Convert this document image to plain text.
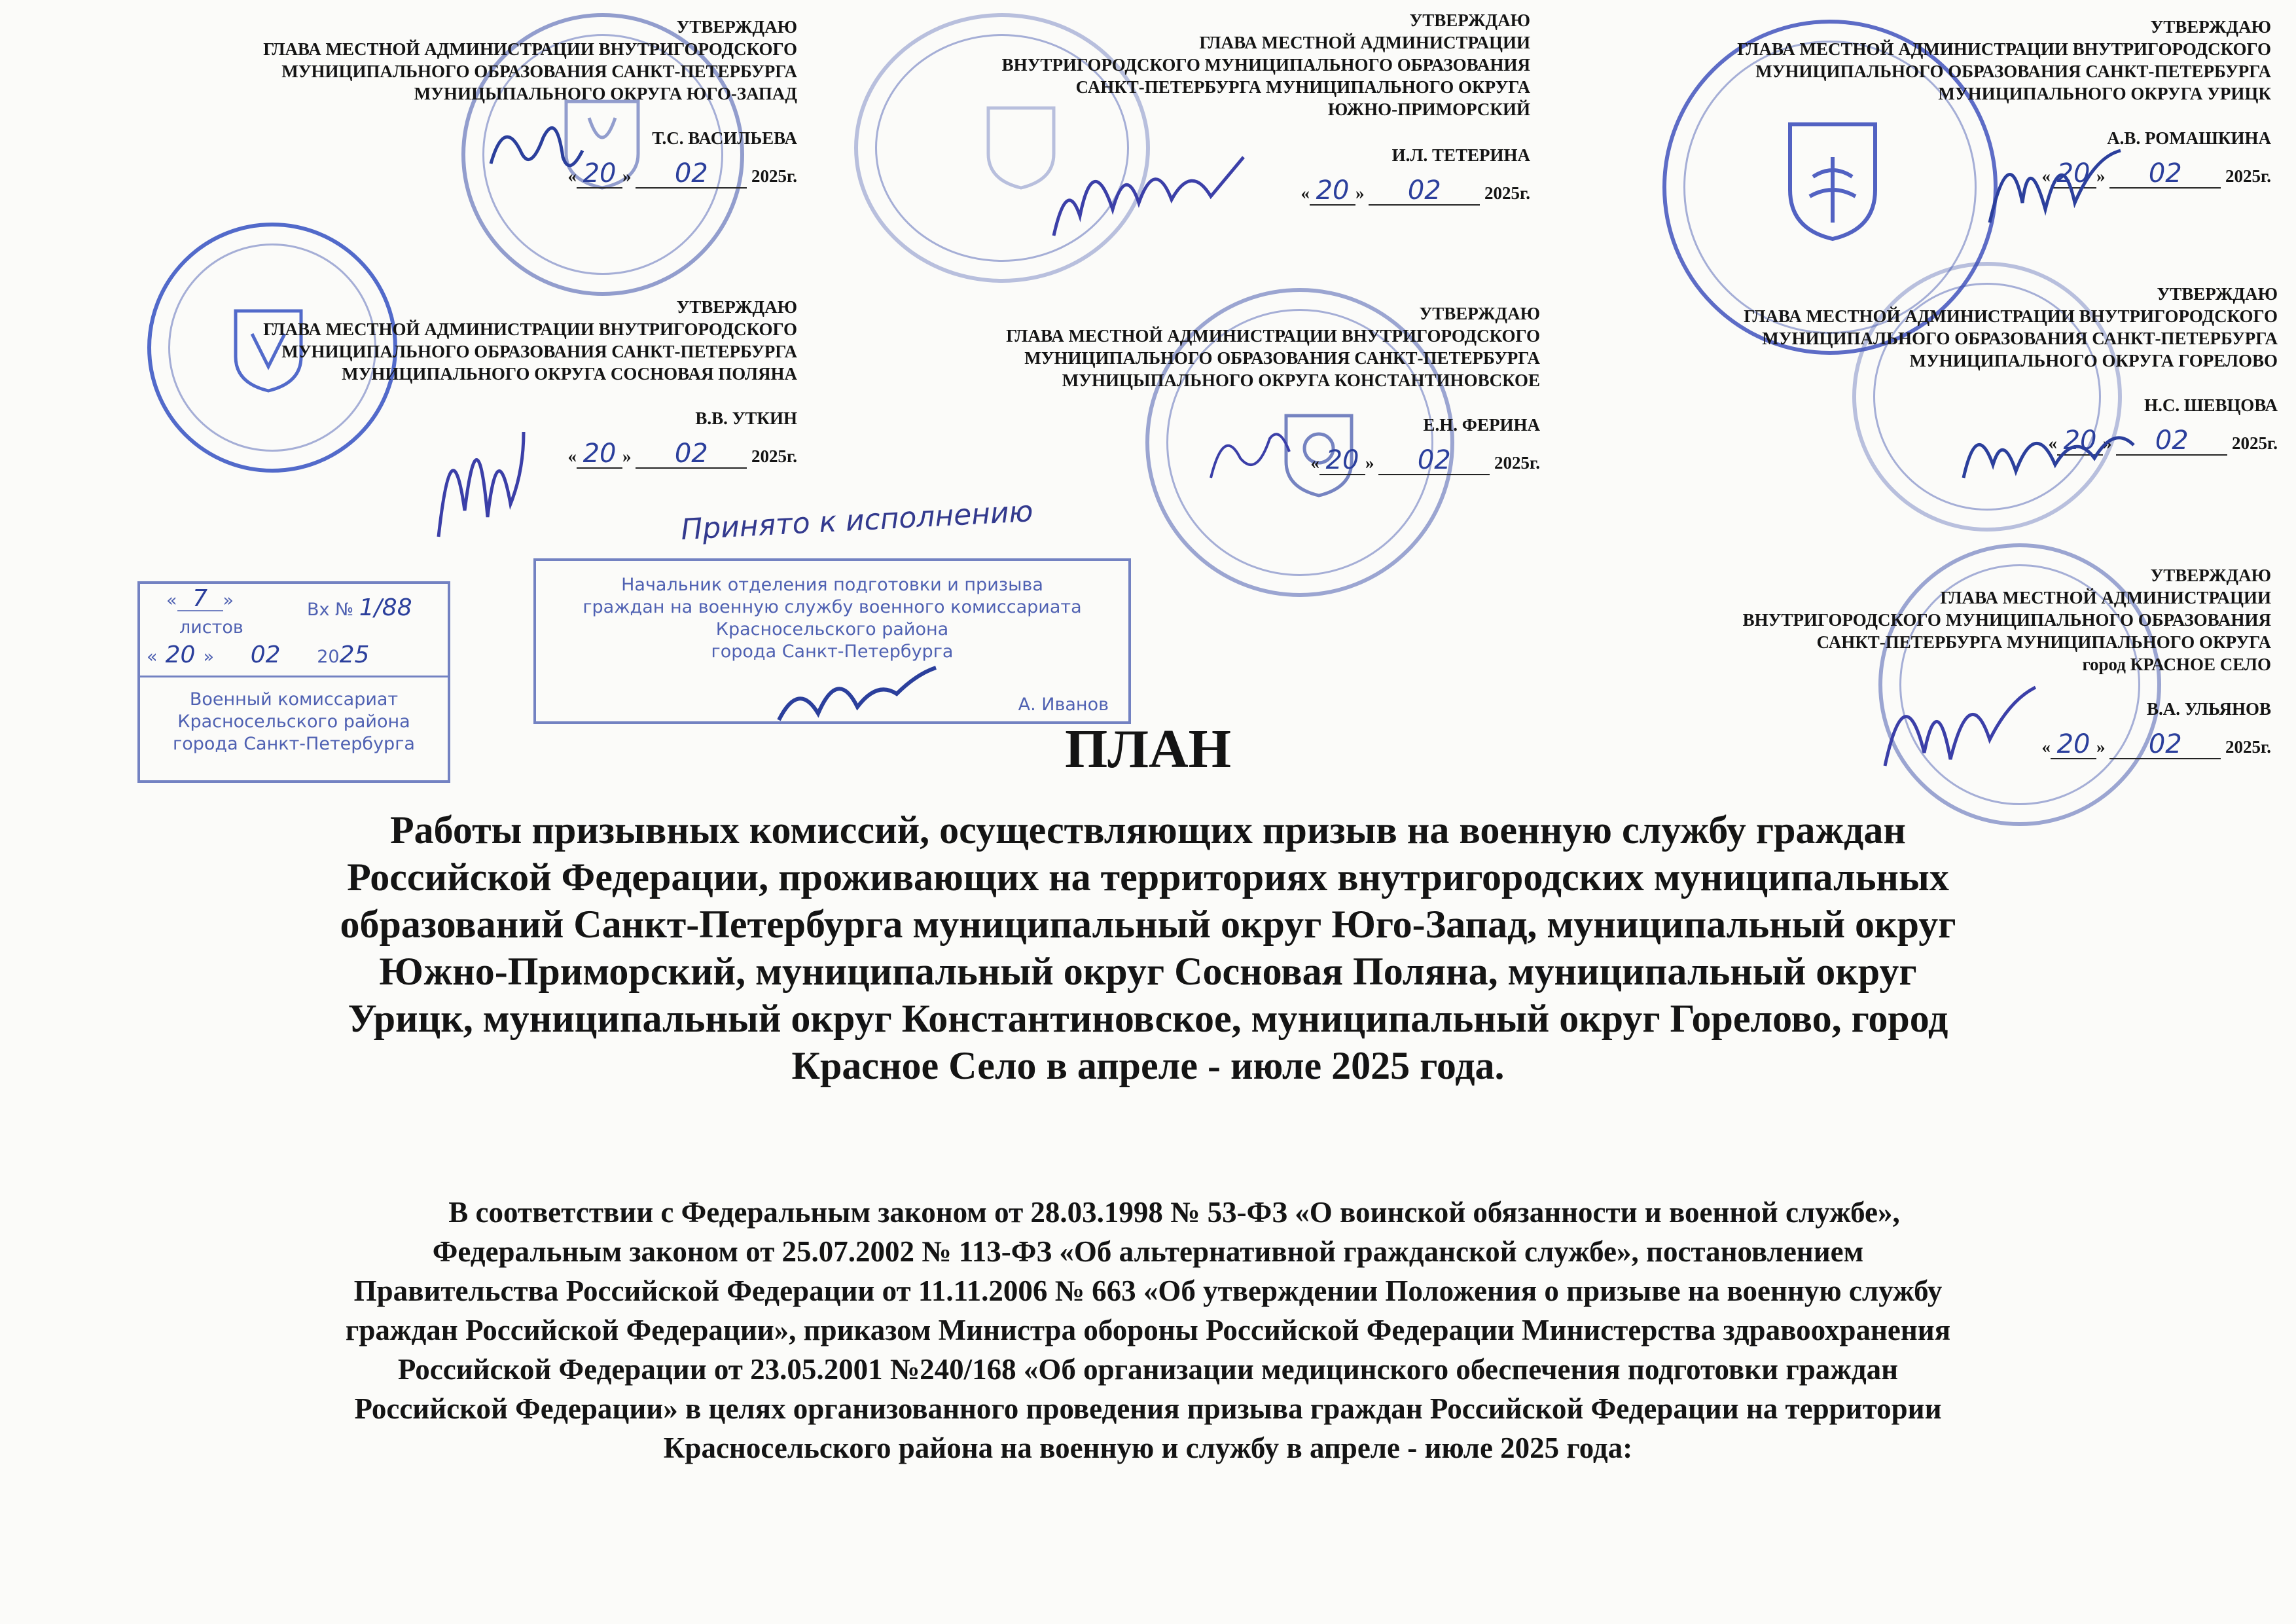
УТВЕРЖДАЮ
ГЛАВА МЕСТНОЙ АДМИНИСТРАЦИИ ВНУТРИГОРОДСКОГО
МУНИЦИПАЛЬНОГО ОБРАЗОВАНИЯ САНКТ-ПЕТЕРБУРГА
МУНИЦЫПАЛЬНОГО ОКРУГА ЮГО-ЗАПАД
Т.С. ВАСИЛЬЕВА
« 20 » 02 2025г.
УТВЕРЖДАЮ
ГЛАВА МЕСТНОЙ АДМИНИСТРАЦИИ
ВНУТРИГОРОДСКОГО МУНИЦИПАЛЬНОГО ОБРАЗОВАНИЯ
САНКТ-ПЕТЕРБУРГА МУНИЦИПАЛЬНОГО ОКРУГА
ЮЖНО-ПРИМОРСКИЙ
И.Л. ТЕТЕРИНА
« 20 » 02 2025г.
УТВЕРЖДАЮ
ГЛАВА МЕСТНОЙ АДМИНИСТРАЦИИ ВНУТРИГОРОДСКОГО
МУНИЦИПАЛЬНОГО ОБРАЗОВАНИЯ САНКТ-ПЕТЕРБУРГА
МУНИЦИПАЛЬНОГО ОКРУГА УРИЦК
А.В. РОМАШКИНА
« 20 » 02 2025г.
УТВЕРЖДАЮ
ГЛАВА МЕСТНОЙ АДМИНИСТРАЦИИ ВНУТРИГОРОДСКОГО
МУНИЦИПАЛЬНОГО ОБРАЗОВАНИЯ САНКТ-ПЕТЕРБУРГА
МУНИЦИПАЛЬНОГО ОКРУГА СОСНОВАЯ ПОЛЯНА
В.В. УТКИН
« 20 » 02 2025г.
УТВЕРЖДАЮ
ГЛАВА МЕСТНОЙ АДМИНИСТРАЦИИ ВНУТРИГОРОДСКОГО
МУНИЦИПАЛЬНОГО ОБРАЗОВАНИЯ САНКТ-ПЕТЕРБУРГА
МУНИЦЫПАЛЬНОГО ОКРУГА КОНСТАНТИНОВСКОЕ
Е.Н. ФЕРИНА
« 20 » 02 2025г.
УТВЕРЖДАЮ
ГЛАВА МЕСТНОЙ АДМИНИСТРАЦИИ ВНУТРИГОРОДСКОГО
МУНИЦИПАЛЬНОГО ОБРАЗОВАНИЯ САНКТ-ПЕТЕРБУРГА
МУНИЦИПАЛЬНОГО ОКРУГА ГОРЕЛОВО
Н.С. ШЕВЦОВА
« 20 » 02 2025г.
УТВЕРЖДАЮ
ГЛАВА МЕСТНОЙ АДМИНИСТРАЦИИ
ВНУТРИГОРОДСКОГО МУНИЦИПАЛЬНОГО ОБРАЗОВАНИЯ
САНКТ-ПЕТЕРБУРГА МУНИЦИПАЛЬНОГО ОКРУГА
город КРАСНОЕ СЕЛО
В.А. УЛЬЯНОВ
« 20 » 02 2025г.
« 7 »
листов
Вх № 1/88
« 20 » 02 2025
Военный комиссариат
Красносельского района
города Санкт-Петербурга
Принято к исполнению
Начальник отделения подготовки и призыва
граждан на военную службу военного комиссариата
Красносельского района
города Санкт-Петербурга
А. Иванов
ПЛАН
Работы призывных комиссий, осуществляющих призыв на военную службу граждан
Российской Федерации, проживающих на территориях внутригородских муниципальных
образований Санкт-Петербурга муниципальный округ Юго-Запад, муниципальный округ
Южно-Приморский, муниципальный округ Сосновая Поляна, муниципальный округ
Урицк, муниципальный округ Константиновское, муниципальный округ Горелово, город
Красное Село в апреле - июле 2025 года.
В соответствии с Федеральным законом от 28.03.1998 № 53-ФЗ «О воинской обязанности и военной службе»,
Федеральным законом от 25.07.2002 № 113-ФЗ «Об альтернативной гражданской службе», постановлением
Правительства Российской Федерации от 11.11.2006 № 663 «Об утверждении Положения о призыве на военную службу
граждан Российской Федерации», приказом Министра обороны Российской Федерации Министерства здравоохранения
Российской Федерации от 23.05.2001 №240/168 «Об организации медицинского обеспечения подготовки граждан
Российской Федерации» в целях организованного проведения призыва граждан Российской Федерации на территории
Красносельского района на военную и службу в апреле - июле 2025 года:
